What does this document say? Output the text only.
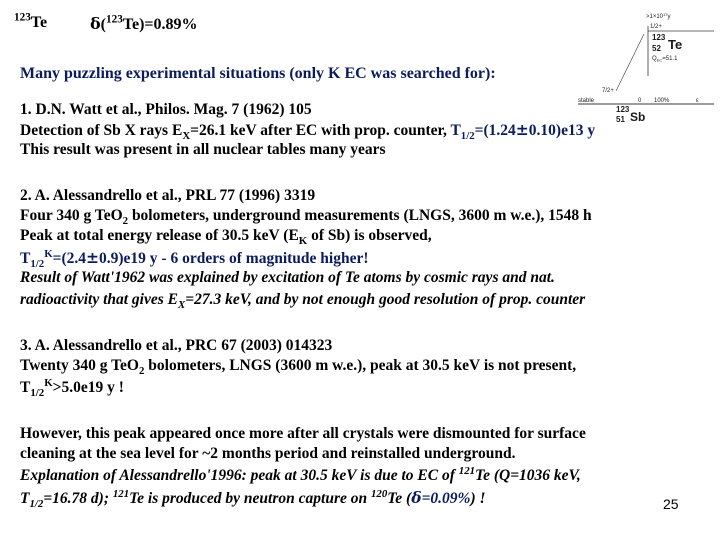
$^{123}$Te	δ($^{123}$Te)=0.89%	$>1\times 10^{17}y$
1/2+
123
52 Te
$Q_{EC}=51.1$
stable
7/2+
100%	ε
0
123
51 Sb
Many puzzling experimental situations (only K EC was searched for):
1. D.N. Watt et al., Philos. Mag. 7 (1962) 105
Detection of Sb X rays $E_X=26.1$ keV after EC with prop. counter, $T_{1/2}=(1.24\pm 0.10)e13$ y
This result was present in all nuclear tables many years
2. A. Alessandrello et al., PRL 77 (1996) 3319
Four 340 g TeO$_2$ bolometers, underground measurements (LNGS, 3600 m w.e.), 1548 h
Peak at total energy release of 30.5 keV ($E_K$ of Sb) is observed,
$T_{1/2}^K=(2.4\pm 0.9)e19$ y - 6 orders of magnitude higher!
Result of Watt'1962 was explained by excitation of Te atoms by cosmic rays and nat.
radioactivity that gives $E_X=27.3$ keV, and by not enough good resolution of prop. counter
3. A. Alessandrello et al., PRC 67 (2003) 014323
Twenty 340 g TeO$_2$ bolometers, LNGS (3600 m w.e.), peak at 30.5 keV is not present,
$T_{1/2}^K>5.0e19$ y !
However, this peak appeared once more after all crystals were dismounted for surface
cleaning at the sea level for ~2 months period and reinstalled underground.
Explanation of Alessandrello'1996: peak at 30.5 keV is due to EC of $^{121}$Te (Q=1036 keV,
$T_{1/2}=16.78$ d); $^{121}$Te is produced by neutron capture on $^{120}$Te (δ=0.09%) !	25
